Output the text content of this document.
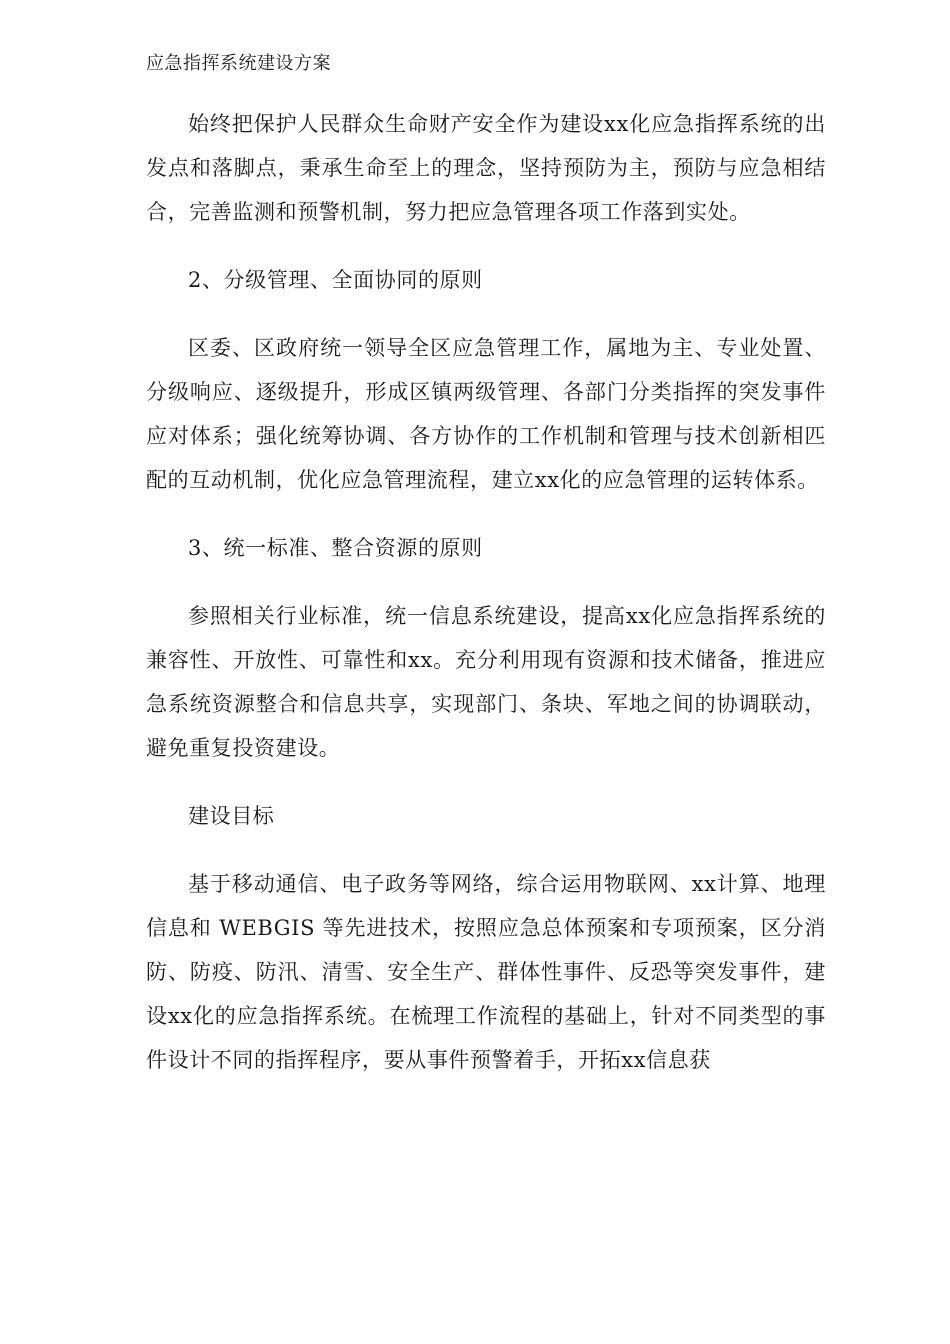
应急指挥系统建设方案

始终把保护人民群众生命财产安全作为建设xx化应急指挥系统的出发点和落脚点，秉承生命至上的理念，坚持预防为主，预防与应急相结合，完善监测和预警机制，努力把应急管理各项工作落到实处。

2、分级管理、全面协同的原则

区委、区政府统一领导全区应急管理工作，属地为主、专业处置、分级响应、逐级提升，形成区镇两级管理、各部门分类指挥的突发事件应对体系；强化统筹协调、各方协作的工作机制和管理与技术创新相匹配的互动机制，优化应急管理流程，建立xx化的应急管理的运转体系。

3、统一标准、整合资源的原则

参照相关行业标准，统一信息系统建设，提高xx化应急指挥系统的兼容性、开放性、可靠性和xx。充分利用现有资源和技术储备，推进应急系统资源整合和信息共享，实现部门、条块、军地之间的协调联动，避免重复投资建设。

建设目标

基于移动通信、电子政务等网络，综合运用物联网、xx计算、地理信息和 WEBGIS 等先进技术，按照应急总体预案和专项预案，区分消防、防疫、防汛、清雪、安全生产、群体性事件、反恐等突发事件，建设xx化的应急指挥系统。在梳理工作流程的基础上，针对不同类型的事件设计不同的指挥程序，要从事件预警着手，开拓xx信息获
